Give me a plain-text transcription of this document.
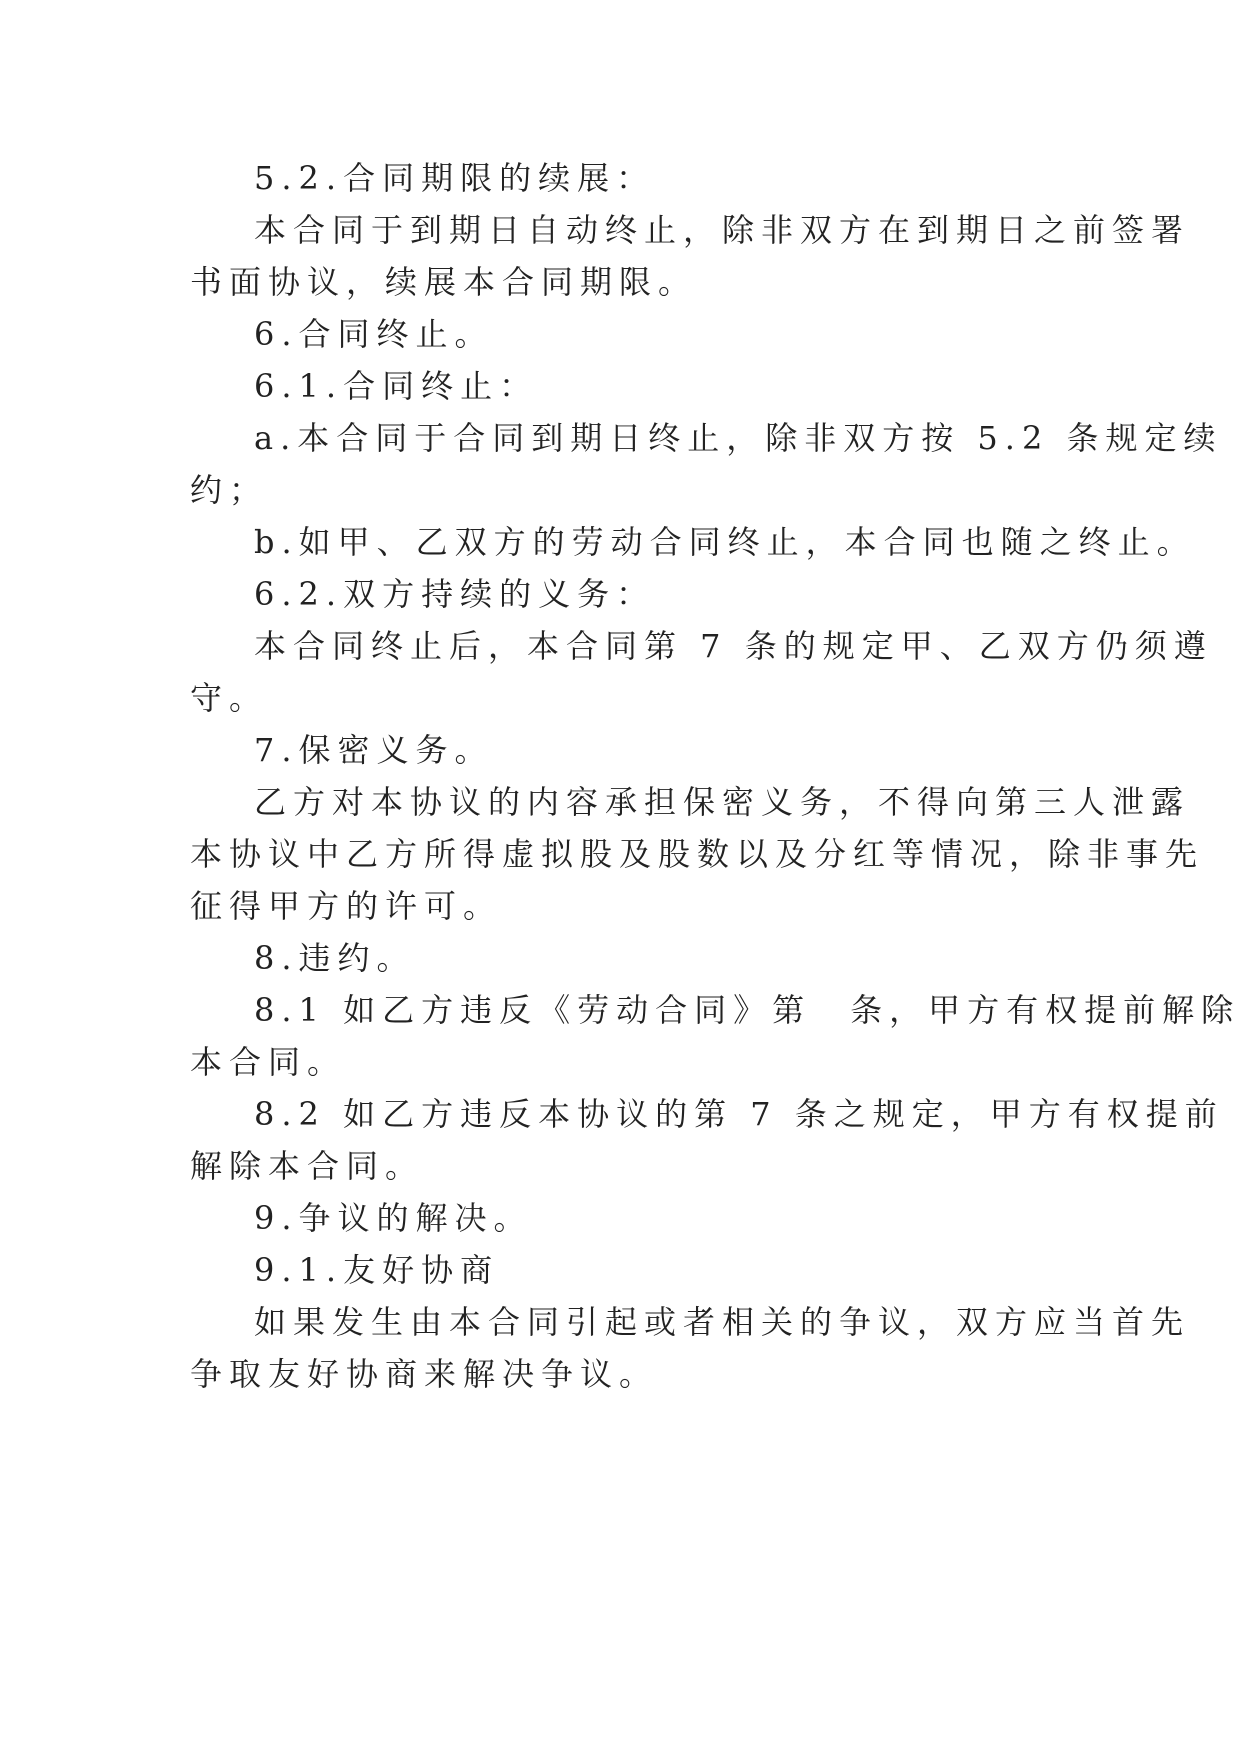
5.2.合同期限的续展：
本合同于到期日自动终止，除非双方在到期日之前签署
书面协议，续展本合同期限。
6.合同终止。
6.1.合同终止：
a.本合同于合同到期日终止，除非双方按 5.2 条规定续
约；
b.如甲、乙双方的劳动合同终止，本合同也随之终止。
6.2.双方持续的义务：
本合同终止后，本合同第 7 条的规定甲、乙双方仍须遵
守。
7.保密义务。
乙方对本协议的内容承担保密义务，不得向第三人泄露
本协议中乙方所得虚拟股及股数以及分红等情况，除非事先
征得甲方的许可。
8.违约。
8.1 如乙方违反《劳动合同》第　条，甲方有权提前解除
本合同。
8.2 如乙方违反本协议的第 7 条之规定，甲方有权提前
解除本合同。
9.争议的解决。
9.1.友好协商
如果发生由本合同引起或者相关的争议，双方应当首先
争取友好协商来解决争议。
